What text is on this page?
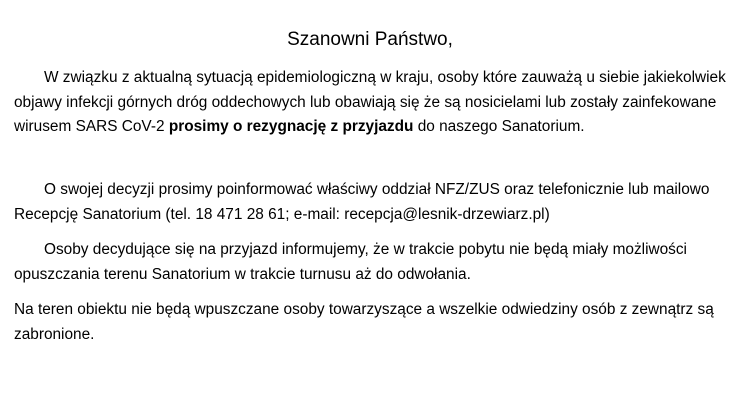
Szanowni Państwo,

W związku z aktualną sytuacją epidemiologiczną w kraju, osoby które zauważą u siebie jakiekolwiek objawy infekcji górnych dróg oddechowych lub obawiają się że są nosicielami lub zostały zainfekowane wirusem SARS CoV-2 prosimy o rezygnację z przyjazdu do naszego Sanatorium.

O swojej decyzji prosimy poinformować właściwy oddział NFZ/ZUS oraz telefonicznie lub mailowo Recepcję Sanatorium (tel. 18 471 28 61; e-mail: recepcja@lesnik-drzewiarz.pl)

Osoby decydujące się na przyjazd informujemy, że w trakcie pobytu nie będą miały możliwości opuszczania terenu Sanatorium w trakcie turnusu aż do odwołania.

Na teren obiektu nie będą wpuszczane osoby towarzyszące a wszelkie odwiedziny osób z zewnątrz są zabronione.
